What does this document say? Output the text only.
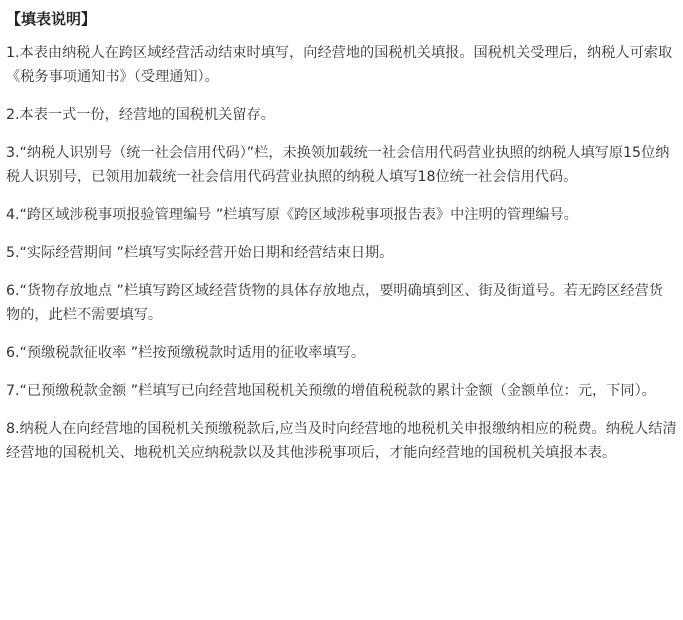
【填表说明】
1.本表由纳税人在跨区域经营活动结束时填写，向经营地的国税机关填报。国税机关受理后，纳税人可索取《税务事项通知书》（受理通知）。
2.本表一式一份，经营地的国税机关留存。
3.“纳税人识别号（统一社会信用代码）”栏，未换领加载统一社会信用代码营业执照的纳税人填写原15位纳税人识别号，已领用加载统一社会信用代码营业执照的纳税人填写18位统一社会信用代码。
4.“跨区域涉税事项报验管理编号 ”栏填写原《跨区域涉税事项报告表》中注明的管理编号。
5.“实际经营期间 ”栏填写实际经营开始日期和经营结束日期。
6.“货物存放地点 ”栏填写跨区域经营货物的具体存放地点，要明确填到区、街及街道号。若无跨区经营货物的，此栏不需要填写。
6.“预缴税款征收率 ”栏按预缴税款时适用的征收率填写。
7.“已预缴税款金额 ”栏填写已向经营地国税机关预缴的增值税税款的累计金额（金额单位：元，下同）。
8.纳税人在向经营地的国税机关预缴税款后,应当及时向经营地的地税机关申报缴纳相应的税费。纳税人结清经营地的国税机关、地税机关应纳税款以及其他涉税事项后，才能向经营地的国税机关填报本表。
